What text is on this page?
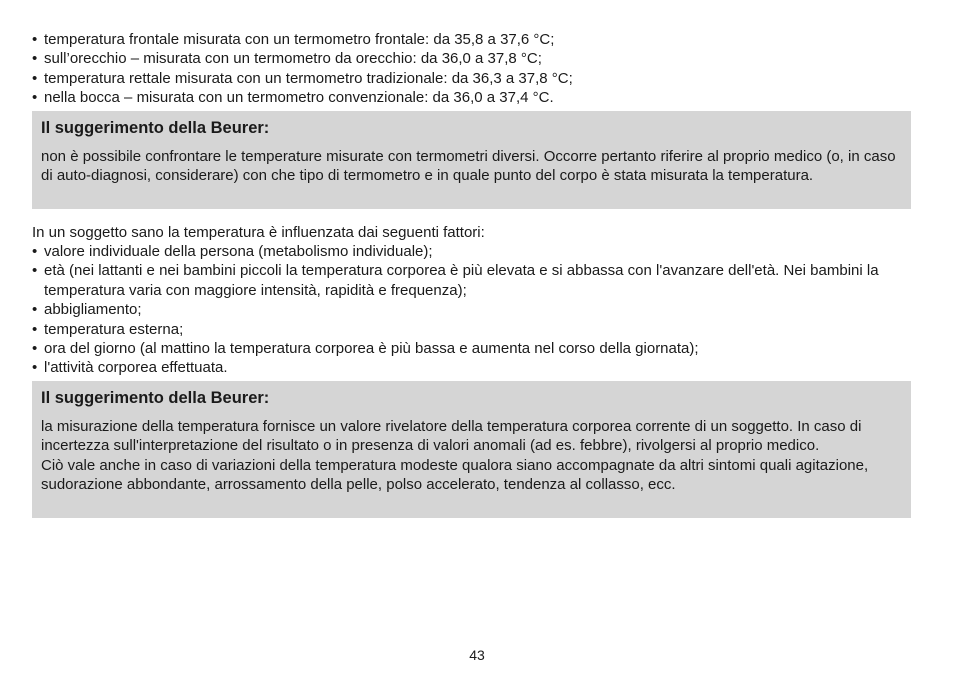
• temperatura frontale misurata con un termometro frontale: da 35,8 a 37,6 °C;
• sull’orecchio – misurata con un termometro da orecchio: da 36,0 a 37,8 °C;
• temperatura rettale misurata con un termometro tradizionale: da 36,3 a 37,8 °C;
• nella bocca – misurata con un termometro convenzionale: da 36,0 a 37,4 °C.
Il suggerimento della Beurer:

non è possibile confrontare le temperature misurate con termometri diversi. Occorre pertanto riferire al proprio medico (o, in caso di auto-diagnosi, considerare) con che tipo di termometro e in quale punto del corpo è stata misurata la temperatura.

In un soggetto sano la temperatura è influenzata dai seguenti fattori:

• valore individuale della persona (metabolismo individuale);
• età (nei lattanti e nei bambini piccoli la temperatura corporea è più elevata e si abbassa con l'avanzare dell'età. Nei bambini la temperatura varia con maggiore intensità, rapidità e frequenza);
• abbigliamento;
• temperatura esterna;
• ora del giorno (al mattino la temperatura corporea è più bassa e aumenta nel corso della giornata);
• l'attività corporea effettuata.
Il suggerimento della Beurer:

la misurazione della temperatura fornisce un valore rivelatore della temperatura corporea corrente di un soggetto. In caso di incertezza sull'interpretazione del risultato o in presenza di valori anomali (ad es. febbre), rivolgersi al proprio medico.

Ciò vale anche in caso di variazioni della temperatura modeste qualora siano accompagnate da altri sintomi quali agitazione, sudorazione abbondante, arrossamento della pelle, polso accelerato, tendenza al collasso, ecc.

43
